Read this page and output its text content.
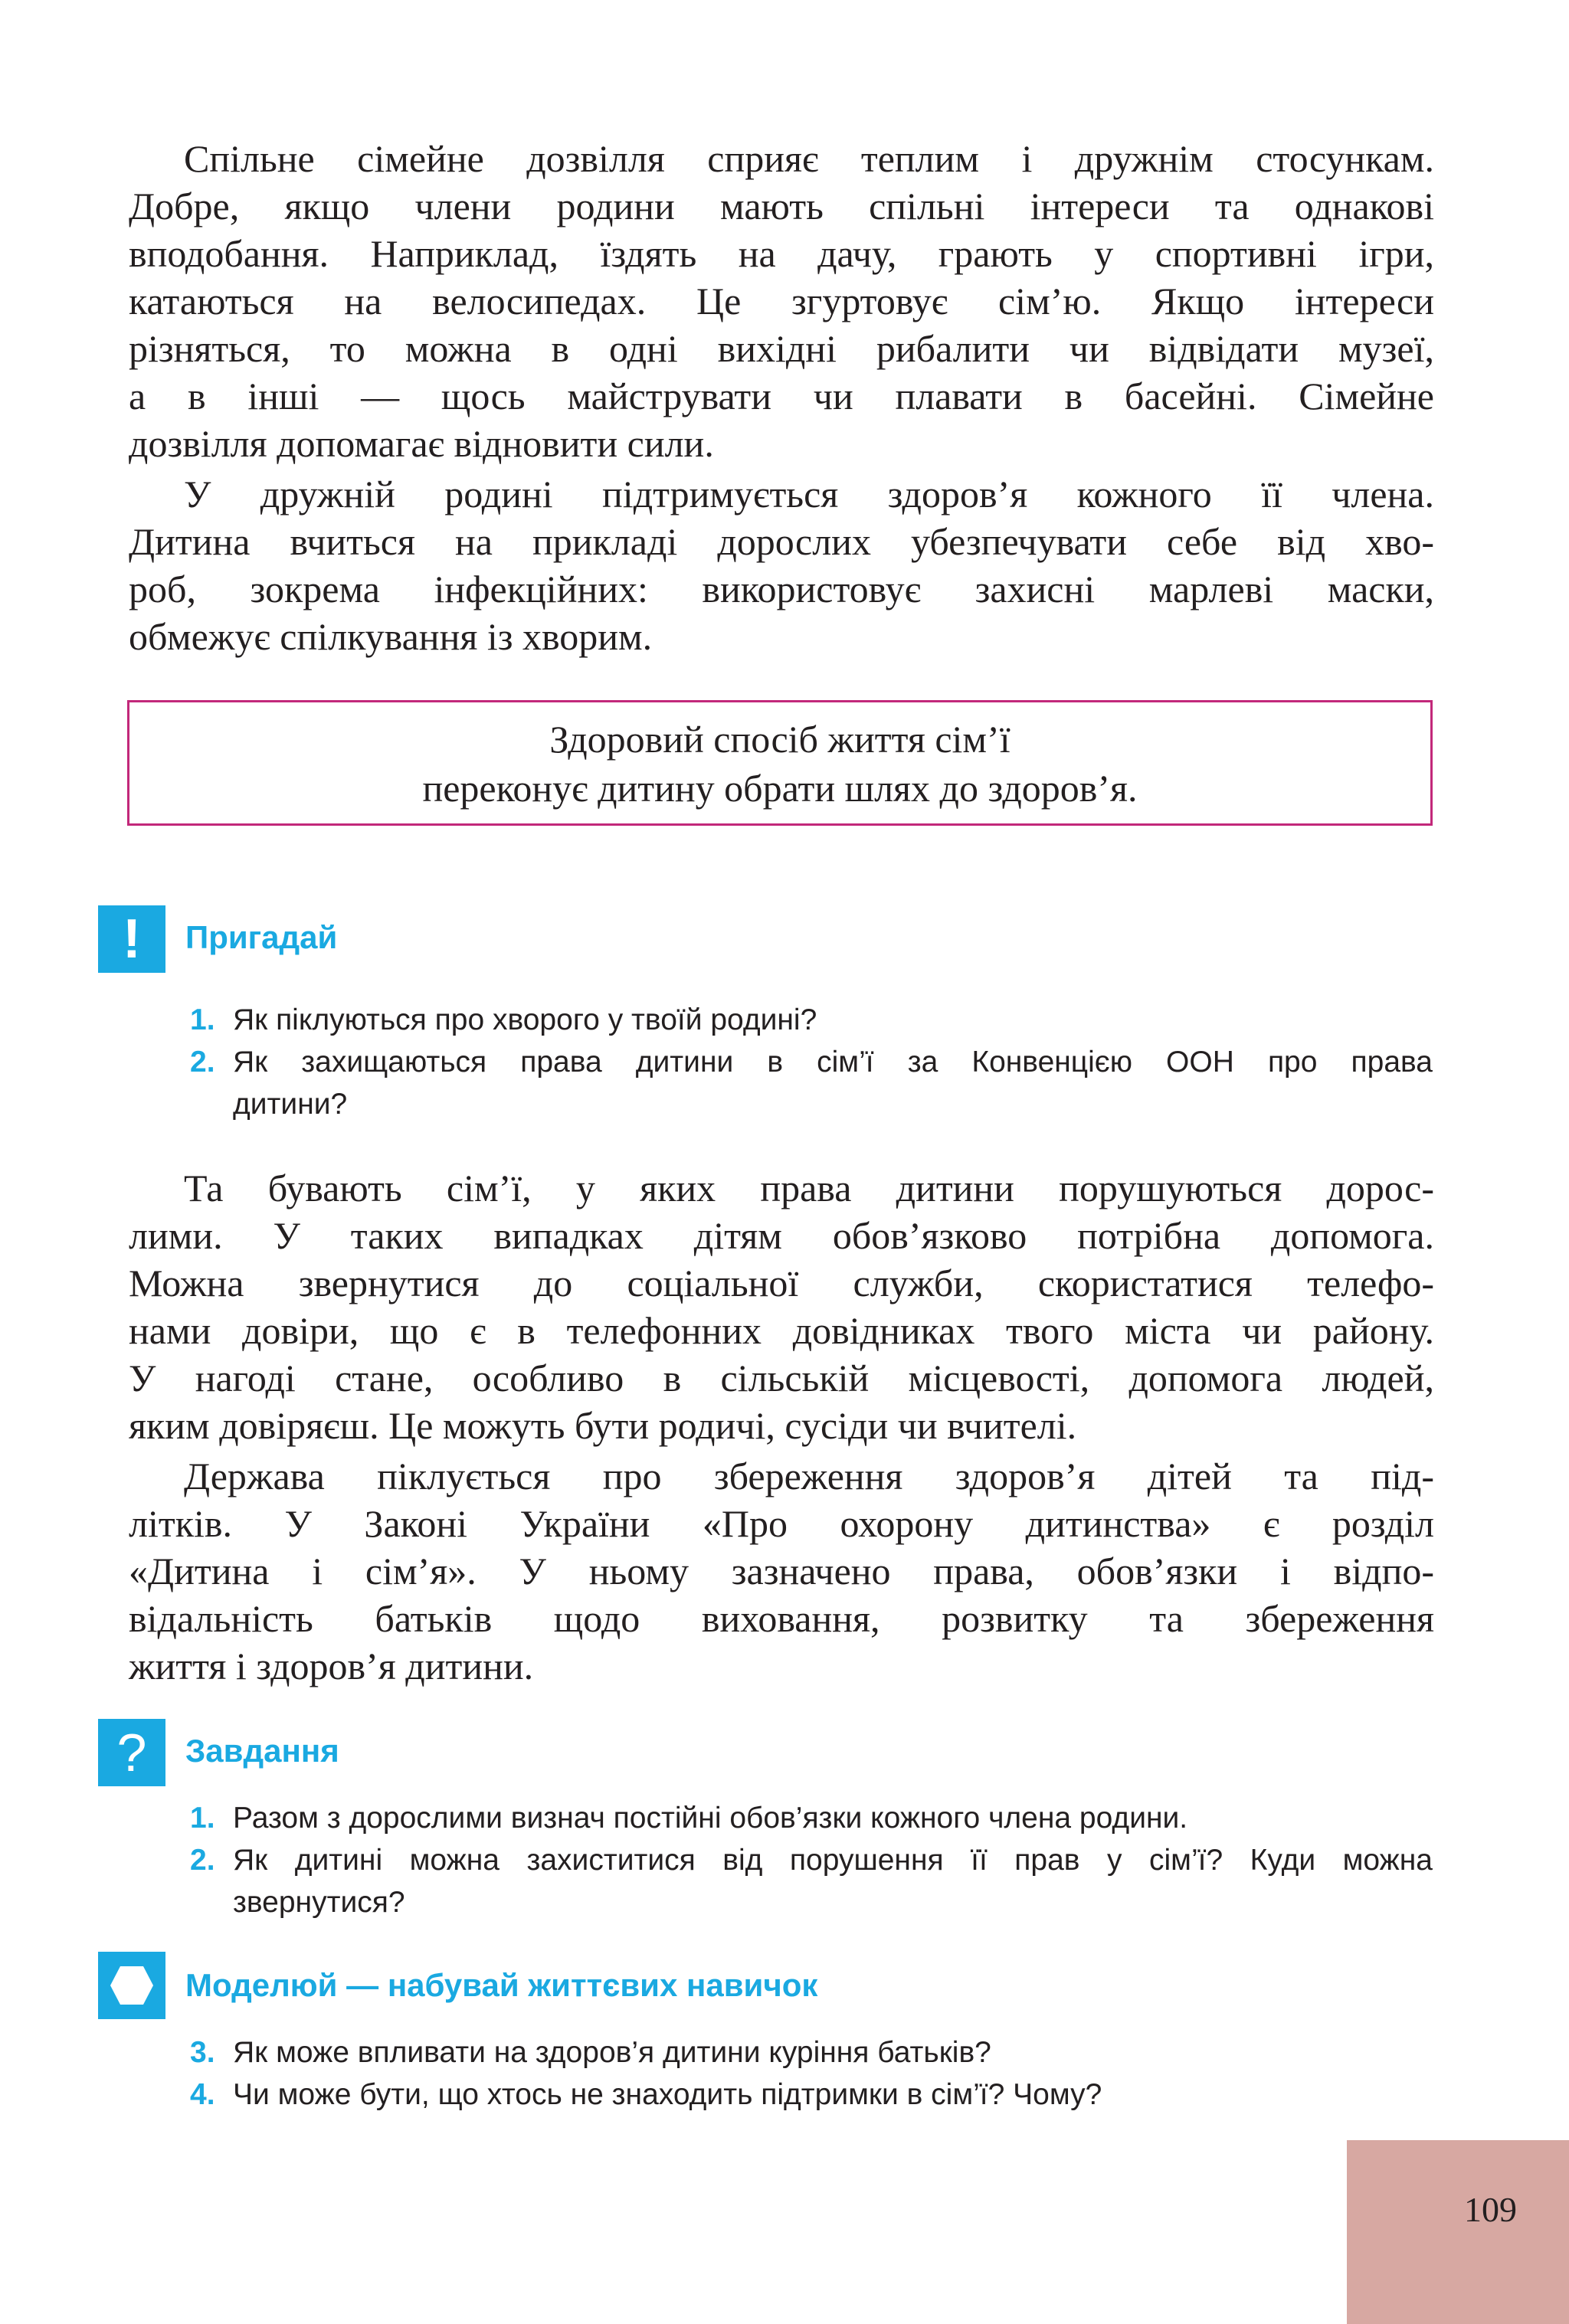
Спільне сімейне дозвілля сприяє теплим і дружнім стосункам.
Добре, якщо члени родини мають спільні інтереси та однакові
вподобання. Наприклад, їздять на дачу, грають у спортивні ігри,
катаються на велосипедах. Це згуртовує сім’ю. Якщо інтереси
різняться, то можна в одні вихідні рибалити чи відвідати музеї,
а в інші — щось майструвати чи плавати в басейні. Сімейне
дозвілля допомагає відновити сили.
У дружній родині підтримується здоров’я кожного її члена.
Дитина вчиться на прикладі дорослих убезпечувати себе від хво-
роб, зокрема інфекційних: використовує захисні марлеві маски,
обмежує спілкування із хворим.
Здоровий спосіб життя сім’ї
переконує дитину обрати шлях до здоров’я.
! Пригадай
1. Як піклуються про хворого у твоїй родині?
2. Як захищаються права дитини в сім’ї за Конвенцією ООН про права
дитини?
Та бувають сім’ї, у яких права дитини порушуються дорос-
лими. У таких випадках дітям обов’язково потрібна допомога.
Можна звернутися до соціальної служби, скористатися телефо-
нами довіри, що є в телефонних довідниках твого міста чи району.
У нагоді стане, особливо в сільській місцевості, допомога людей,
яким довіряєш. Це можуть бути родичі, сусіди чи вчителі.
Держава піклується про збереження здоров’я дітей та під-
літків. У Законі України «Про охорону дитинства» є розділ
«Дитина і сім’я». У ньому зазначено права, обов’язки і відпо-
відальність батьків щодо виховання, розвитку та збереження
життя і здоров’я дитини.
? Завдання
1. Разом з дорослими визнач постійні обов’язки кожного члена родини.
2. Як дитині можна захиститися від порушення її прав у сім’ї? Куди можна
звернутися?
Моделюй — набувай життєвих навичок
3. Як може впливати на здоров’я дитини куріння батьків?
4. Чи може бути, що хтось не знаходить підтримки в сім’ї? Чому?
109
